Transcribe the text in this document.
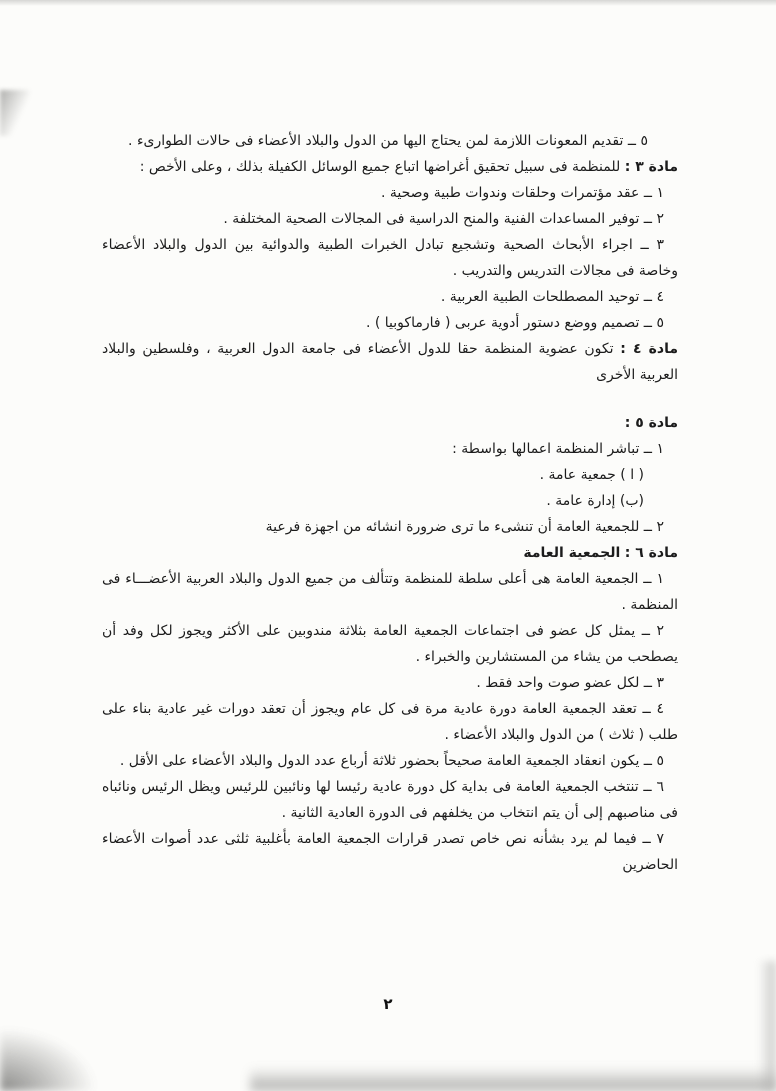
٥ ــ تقديم المعونات اللازمة لمن يحتاج اليها من الدول والبلاد الأعضاء فى حالات الطوارىء .

مادة ٣ : للمنظمة فى سبيل تحقيق أغراضها اتباع جميع الوسائل الكفيلة بذلك ، وعلى الأخص :

١ ــ عقد مؤتمرات وحلقات وندوات طبية وصحية .

٢ ــ توفير المساعدات الفنية والمنح الدراسية فى المجالات الصحية المختلفة .

٣ ــ اجراء الأبحاث الصحية وتشجيع تبادل الخبرات الطبية والدوائية بين الدول والبلاد الأعضاء وخاصة فى مجالات التدريس والتدريب .

٤ ــ توحيد المصطلحات الطبية العربية .

٥ ــ تصميم ووضع دستور أدوية عربى ( فارماكوبيا ) .

مادة ٤ : تكون عضوية المنظمة حقا للدول الأعضاء فى جامعة الدول العربية ، وفلسطين والبلاد العربية الأخرى

مادة ٥ :

١ ــ تباشر المنظمة اعمالها بواسطة :

( ا ) جمعية عامة .

(ب) إدارة عامة .

٢ ــ للجمعية العامة أن تنشىء ما ترى ضرورة انشائه من اجهزة فرعية

مادة ٦ : الجمعية العامة

١ ــ الجمعية العامة هى أعلى سلطة للمنظمة وتتألف من جميع الدول والبلاد العربية الأعضـــاء فى المنظمة .

٢ ــ يمثل كل عضو فى اجتماعات الجمعية العامة بثلاثة مندوبين على الأكثر ويجوز لكل وفد أن يصطحب من يشاء من المستشارين والخبراء .

٣ ــ لكل عضو صوت واحد فقط .

٤ ــ تعقد الجمعية العامة دورة عادية مرة فى كل عام ويجوز أن تعقد دورات غير عادية بناء على طلب ( ثلاث ) من الدول والبلاد الأعضاء .

٥ ــ يكون انعقاد الجمعية العامة صحيحاً بحضور ثلاثة أرباع عدد الدول والبلاد الأعضاء على الأقل .

٦ ــ تنتخب الجمعية العامة فى بداية كل دورة عادية رئيسا لها ونائبين للرئيس ويظل الرئيس ونائباه فى مناصبهم إلى أن يتم انتخاب من يخلفهم فى الدورة العادية الثانية .

٧ ــ فيما لم يرد بشأنه نص خاص تصدر قرارات الجمعية العامة بأغلبية ثلثى عدد أصوات الأعضاء الحاضرين

٢
